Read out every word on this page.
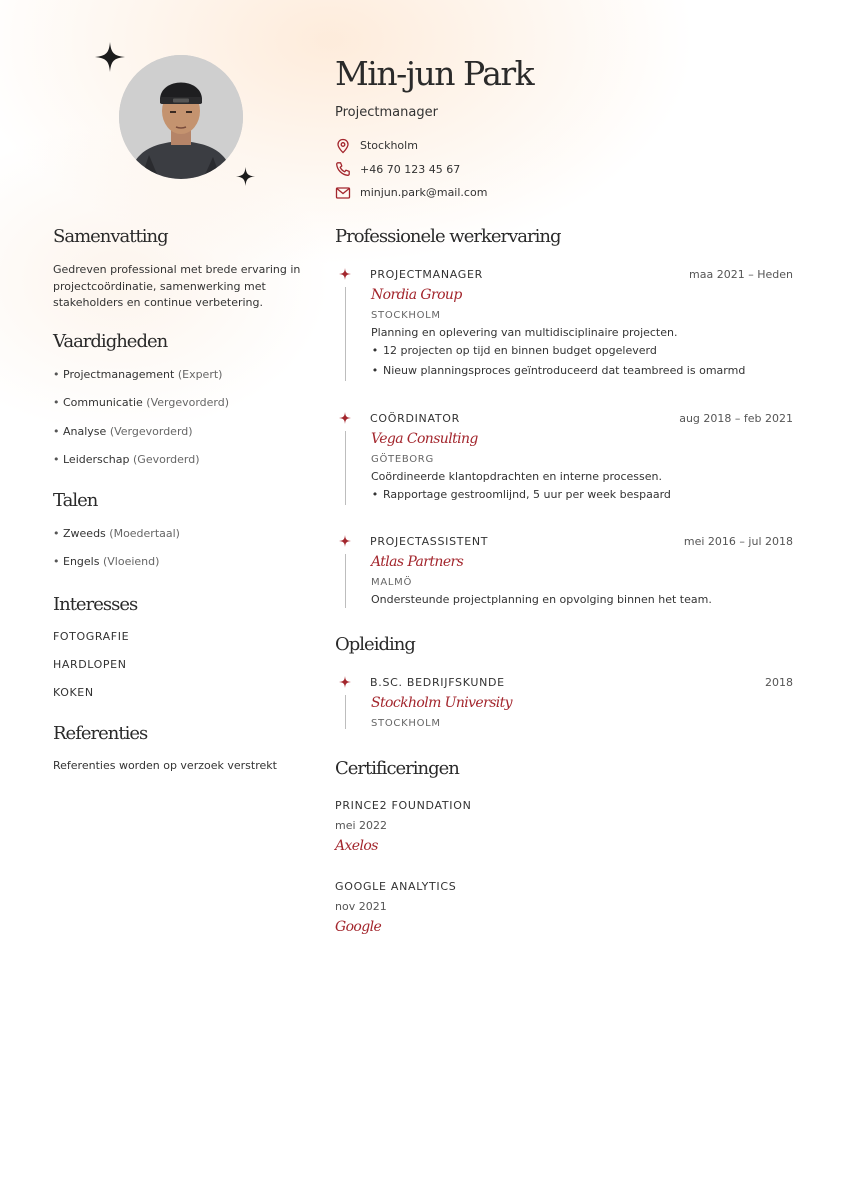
Min-jun Park
Projectmanager
Stockholm
+46 70 123 45 67
minjun.park@mail.com
Samenvatting
Gedreven professional met brede ervaring in projectcoördinatie, samenwerking met stakeholders en continue verbetering.
Vaardigheden
• Projectmanagement
(Expert)
• Communicatie
(Vergevorderd)
• Analyse
(Vergevorderd)
• Leiderschap
(Gevorderd)
Talen
• Zweeds
(Moedertaal)
• Engels
(Vloeiend)
Interesses
FOTOGRAFIE
HARDLOPEN
KOKEN
Referenties
Referenties worden op verzoek verstrekt
Professionele werkervaring
PROJECTMANAGER	maa 2021 – Heden
Nordia Group
STOCKHOLM
Planning en oplevering van multidisciplinaire projecten.
• 12 projecten op tijd en binnen budget opgeleverd
• Nieuw planningsproces geïntroduceerd dat teambreed is omarmd
COÖRDINATOR	aug 2018 – feb 2021
Vega Consulting
GÖTEBORG
Coördineerde klantopdrachten en interne processen.
• Rapportage gestroomlijnd, 5 uur per week bespaard
PROJECTASSISTENT	mei 2016 – jul 2018
Atlas Partners
MALMÖ
Ondersteunde projectplanning en opvolging binnen het team.
Opleiding
B.SC. BEDRIJFSKUNDE	2018
Stockholm University
STOCKHOLM
Certificeringen
PRINCE2 FOUNDATION
mei 2022
Axelos
GOOGLE ANALYTICS
nov 2021
Google
